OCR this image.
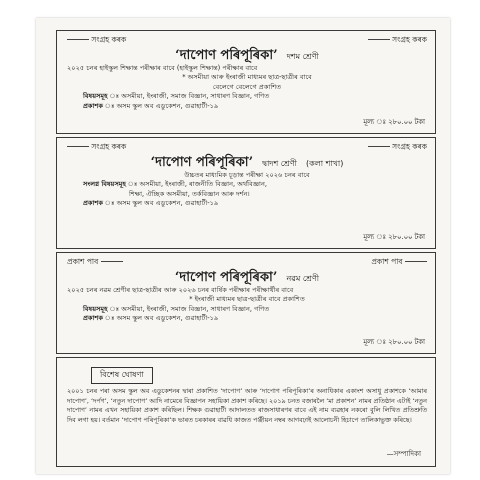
সংগ্ৰহ কৰক	সংগ্ৰহ কৰক
‘দাপোণ পৰিপূৰিকা’ দশম শ্ৰেণী
২০২৫ চনৰ হাইস্কুল শিক্ষান্ত পৰীক্ষাৰ বাবে (হাইস্কুল শিক্ষান্ত) পৰীক্ষাৰ বাবে
* অসমীয়া আৰু ইংৰাজী মাধ্যমৰ ছাত্ৰ-ছাত্ৰীৰ বাবে
বেলেগে বেলেগে প্ৰকাশিত
বিষয়সমূহ ঃ অসমীয়া, ইংৰাজী, সমাজ বিজ্ঞান, সাধাৰণ বিজ্ঞান, গণিত
প্ৰকাশক ঃ অসম স্কুল অব এডুকেশন, গুৱাহাটী-১৯
মূল্য ঃ ২৮০.০০ টকা
সংগ্ৰহ কৰক	সংগ্ৰহ কৰক
‘দাপোণ পৰিপূৰিকা’ দ্বাদশ শ্ৰেণী (কলা শাখা)
উচ্চতৰ মাধ্যমিক চূড়ান্ত পৰীক্ষা ২০২৬ চনৰ বাবে
সংলগ্ন বিষয়সমূহ ঃ অসমীয়া, ইংৰাজী, ৰাজনীতি বিজ্ঞান, অৰ্থবিজ্ঞান,
শিক্ষা, ঐচ্ছিক অসমীয়া, তৰ্কবিজ্ঞান আৰু দৰ্শন।
প্ৰকাশক ঃ অসম স্কুল অব এডুকেশন, গুৱাহাটী-১৯
মূল্য ঃ ২৮০.০০ টকা
প্ৰকাশ পাব	প্ৰকাশ পাব
‘দাপোণ পৰিপূৰিকা’ নৱম শ্ৰেণী
২০২৫ চনৰ নৱম শ্ৰেণীৰ ছাত্ৰ-ছাত্ৰীৰ আৰু ২০২৬ চনৰ বাৰ্ষিক পৰীক্ষাৰ পৰীক্ষাৰ্থীৰ বাবে
* ইংৰাজী মাধ্যমৰ ছাত্ৰ-ছাত্ৰীৰ বাবে প্ৰকাশিত
বিষয়সমূহ ঃ অসমীয়া, ইংৰাজী, সমাজ বিজ্ঞান, সাধাৰণ বিজ্ঞান, গণিত
প্ৰকাশক ঃ অসম স্কুল অব এডুকেশন, গুৱাহাটী-১৯
মূল্য ঃ ২৮০.০০ টকা
বিশেষ ঘোষণা
২০০১ চনৰ পৰা অসম স্কুল অব এডুকেশনৰ দ্বাৰা প্ৰকাশিত ‘দাপোণ’ আৰু ‘দাপোণ পৰিপূৰিকা’ৰ অনাধিকাৰ একাংশ অসাধু প্ৰকাশকে ‘আমাৰ দাপোণ’, ‘দৰ্পণ’, ‘নতুন দাপোণ’ আদি নামেৰে বিজ্ঞাপন সহায়িকা প্ৰকাশ কৰিছে। ২০১৯ চনত বজাৰলৈ ‘মা প্ৰকাশন’ নামৰ প্ৰতিষ্ঠান এটাই ‘নতুন দাপোণ’ নামৰ এখন সহায়িকা প্ৰকাশ কৰিছিল। শিক্ষক গুৱাহাটী আদালতত ৰাজসাধাৰণৰ বাবে এই নাম ব্যৱহাৰ নকৰো বুলি লিখিত প্ৰতিশ্ৰুতি দিব লগা হয়। বৰ্তমান ‘দাপোণ পৰিপূৰিকা’ক ভাৰত চৰকাৰৰ বাৱধি কাজত পঞ্জীয়ন নম্বৰ আগবঢ়াই আলোচনী হিচাপে তালিকাভুক্ত কৰিছে।
—সম্পাদিকা
